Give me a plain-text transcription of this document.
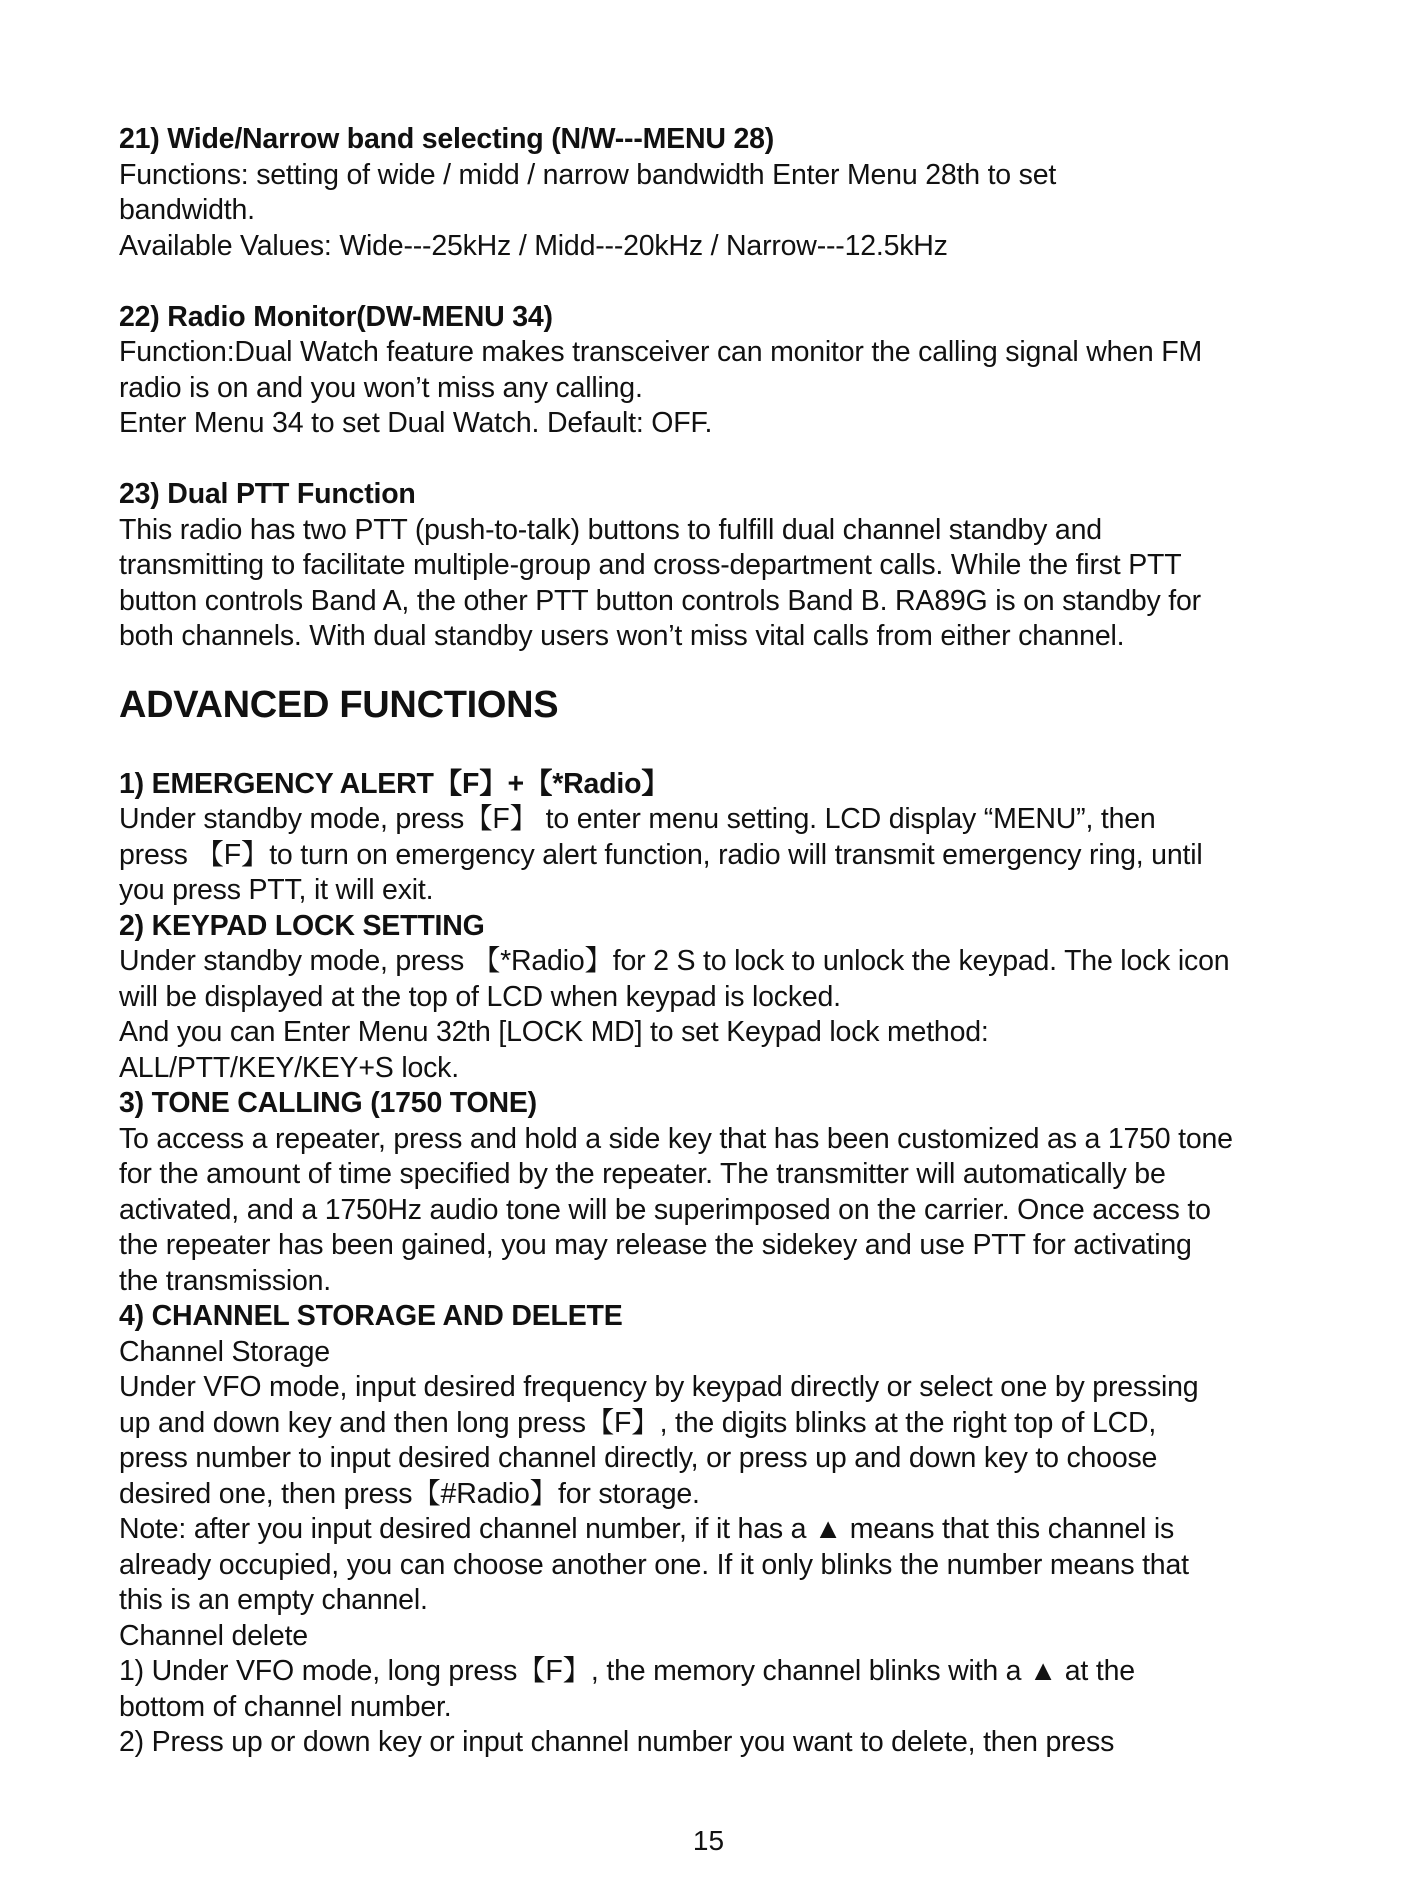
21) Wide/Narrow band selecting (N/W---MENU 28)
Functions: setting of wide / midd / narrow bandwidth Enter Menu 28th to set
bandwidth.
Available Values: Wide---25kHz / Midd---20kHz / Narrow---12.5kHz
22) Radio Monitor(DW-MENU 34)
Function:Dual Watch feature makes transceiver can monitor the calling signal when FM
radio is on and you won’t miss any calling.
Enter Menu 34 to set Dual Watch. Default: OFF.
23) Dual PTT Function
This radio has two PTT (push-to-talk) buttons to fulfill dual channel standby and
transmitting to facilitate multiple-group and cross-department calls. While the first PTT
button controls Band A, the other PTT button controls Band B. RA89G is on standby for
both channels. With dual standby users won’t miss vital calls from either channel.
ADVANCED FUNCTIONS
1) EMERGENCY ALERT【F】+【*Radio】
Under standby mode, press【F】 to enter menu setting. LCD display “MENU”, then
press 【F】to turn on emergency alert function, radio will transmit emergency ring, until
you press PTT, it will exit.
2) KEYPAD LOCK SETTING
Under standby mode, press 【*Radio】for 2 S to lock to unlock the keypad. The lock icon
will be displayed at the top of LCD when keypad is locked.
And you can Enter Menu 32th [LOCK MD] to set Keypad lock method:
ALL/PTT/KEY/KEY+S lock.
3) TONE CALLING (1750 TONE)
To access a repeater, press and hold a side key that has been customized as a 1750 tone
for the amount of time specified by the repeater. The transmitter will automatically be
activated, and a 1750Hz audio tone will be superimposed on the carrier. Once access to
the repeater has been gained, you may release the sidekey and use PTT for activating
the transmission.
4) CHANNEL STORAGE AND DELETE
Channel Storage
Under VFO mode, input desired frequency by keypad directly or select one by pressing
up and down key and then long press【F】, the digits blinks at the right top of LCD,
press number to input desired channel directly, or press up and down key to choose
desired one, then press【#Radio】for storage.
Note: after you input desired channel number, if it has a ▲ means that this channel is
already occupied, you can choose another one. If it only blinks the number means that
this is an empty channel.
Channel delete
1) Under VFO mode, long press【F】, the memory channel blinks with a ▲ at the
bottom of channel number.
2) Press up or down key or input channel number you want to delete, then press
15
